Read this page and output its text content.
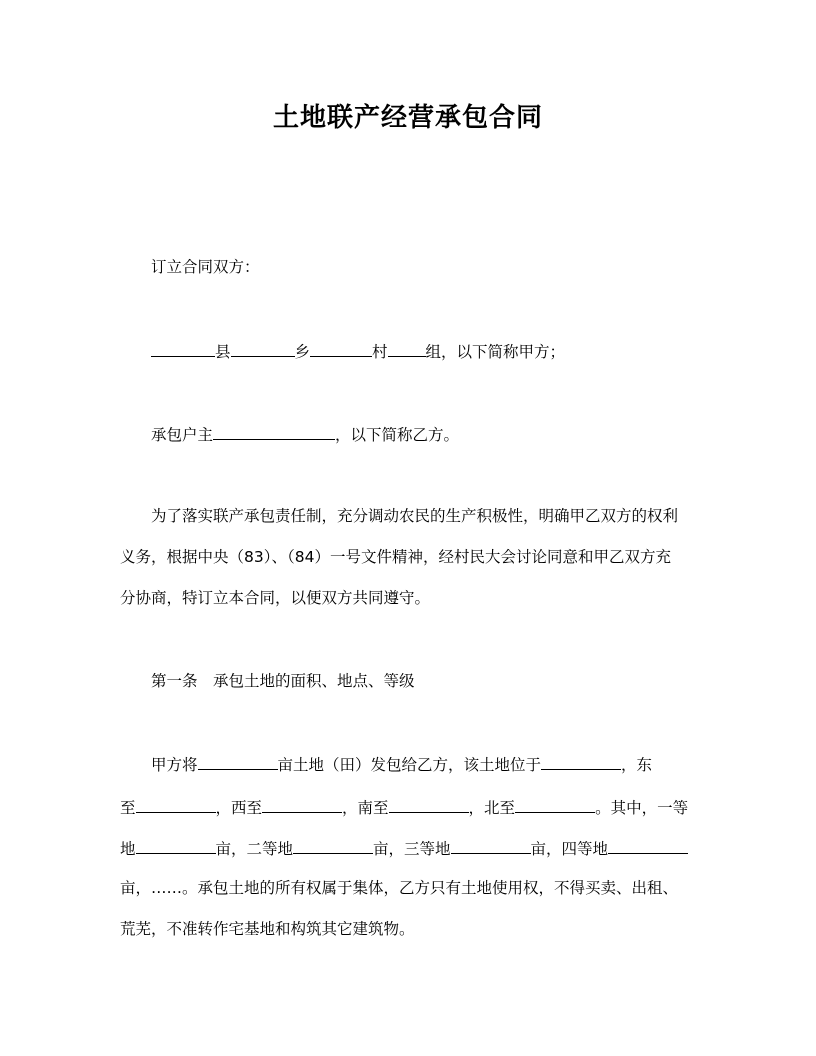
土地联产经营承包合同
订立合同双方：
县	乡	村 组，以下简称甲方；
承包户主	，以下简称乙方。
为了落实联产承包责任制，充分调动农民的生产积极性，明确甲乙双方的权利
义务，根据中央（83）、（84）一号文件精神，经村民大会讨论同意和甲乙双方充
分协商，特订立本合同，以便双方共同遵守。
第一条　承包土地的面积、地点、等级
甲方将	亩土地（田）发包给乙方，该土地位于	，东
至	，西至	，南至	，北至	。其中，一等
地	亩，二等地	亩，三等地	亩，四等地
亩，……。承包土地的所有权属于集体，乙方只有土地使用权，不得买卖、出租、
荒芜，不准转作宅基地和构筑其它建筑物。
